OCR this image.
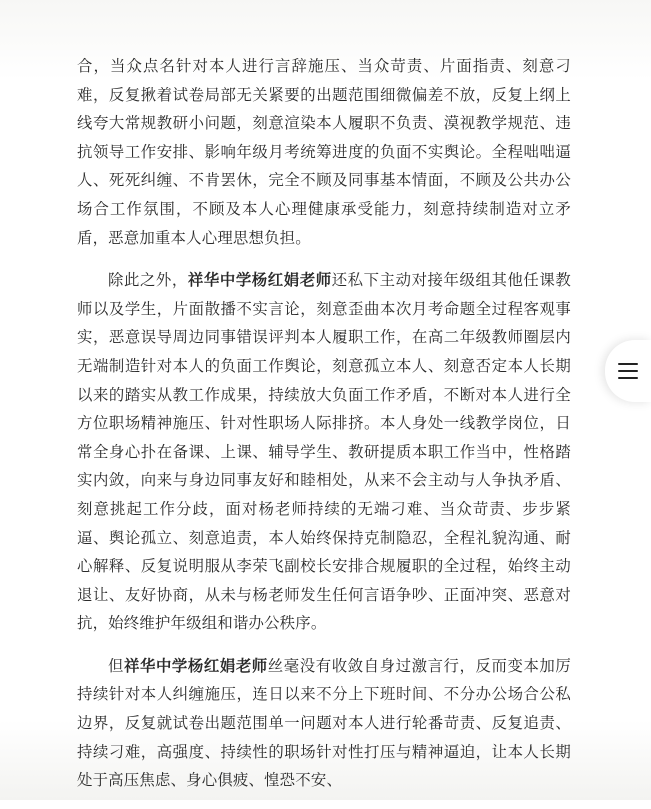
合，当众点名针对本人进行言辞施压、当众苛责、片面指责、刻意刁难，反复揪着试卷局部无关紧要的出题范围细微偏差不放，反复上纲上线夸大常规教研小问题，刻意渲染本人履职不负责、漠视教学规范、违抗领导工作安排、影响年级月考统筹进度的负面不实舆论。全程咄咄逼人、死死纠缠、不肯罢休，完全不顾及同事基本情面，不顾及公共办公场合工作氛围，不顾及本人心理健康承受能力，刻意持续制造对立矛盾，恶意加重本人心理思想负担。

除此之外，祥华中学杨红娟老师还私下主动对接年级组其他任课教师以及学生，片面散播不实言论，刻意歪曲本次月考命题全过程客观事实，恶意误导周边同事错误评判本人履职工作，在高二年级教师圈层内无端制造针对本人的负面工作舆论，刻意孤立本人、刻意否定本人长期以来的踏实从教工作成果，持续放大负面工作矛盾，不断对本人进行全方位职场精神施压、针对性职场人际排挤。本人身处一线教学岗位，日常全身心扑在备课、上课、辅导学生、教研提质本职工作当中，性格踏实内敛，向来与身边同事友好和睦相处，从来不会主动与人争执矛盾、刻意挑起工作分歧，面对杨老师持续的无端刁难、当众苛责、步步紧逼、舆论孤立、刻意追责，本人始终保持克制隐忍，全程礼貌沟通、耐心解释、反复说明服从李荣飞副校长安排合规履职的全过程，始终主动退让、友好协商，从未与杨老师发生任何言语争吵、正面冲突、恶意对抗，始终维护年级组和谐办公秩序。

但祥华中学杨红娟老师丝毫没有收敛自身过激言行，反而变本加厉持续针对本人纠缠施压，连日以来不分上下班时间、不分办公场合公私边界，反复就试卷出题范围单一问题对本人进行轮番苛责、反复追责、持续刁难，高强度、持续性的职场针对性打压与精神逼迫，让本人长期处于高压焦虑、身心俱疲、惶恐不安、
